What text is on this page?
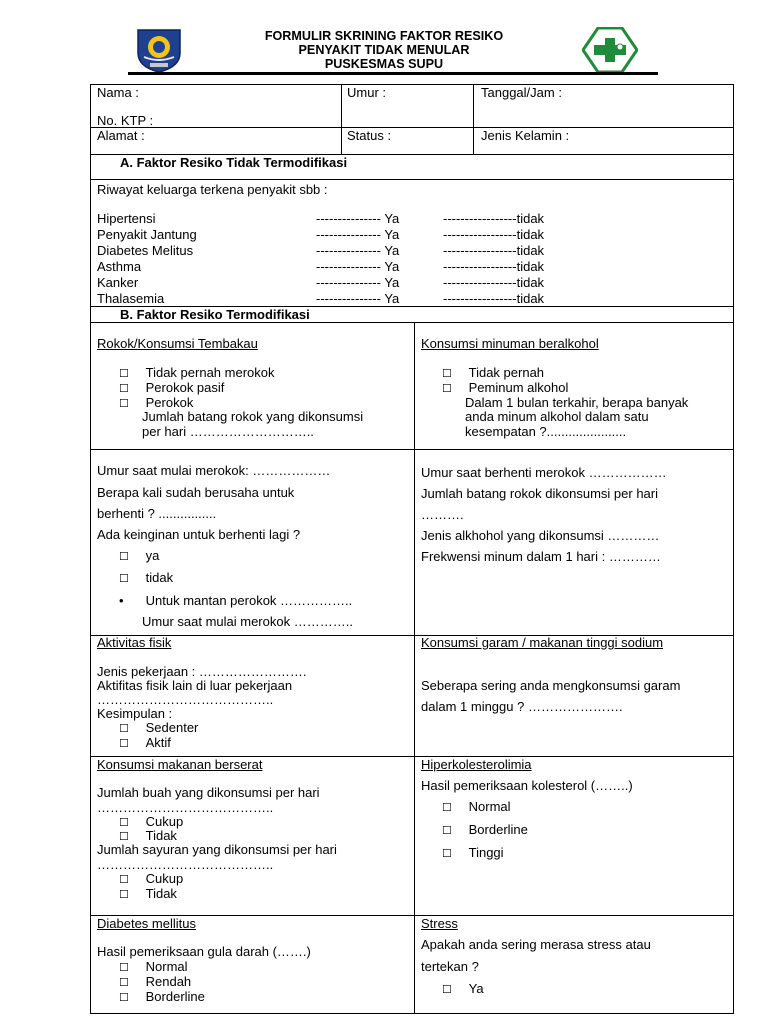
FORMULIR SKRINING FAKTOR RESIKO
PENYAKIT TIDAK MENULAR
PUSKESMAS SUPU
Nama :
No. KTP :
Umur :	Tanggal/Jam :
Alamat :	Status :	Jenis Kelamin :
A. Faktor Resiko Tidak Termodifikasi
Riwayat keluarga terkena penyakit sbb :
Hipertensi	--------------- Ya	-----------------tidak
Penyakit Jantung	--------------- Ya	-----------------tidak
Diabetes Melitus	--------------- Ya	-----------------tidak
Asthma	--------------- Ya	-----------------tidak
Kanker	--------------- Ya	-----------------tidak
Thalasemia	--------------- Ya	-----------------tidak
B. Faktor Resiko Termodifikasi
Rokok/Konsumsi Tembakau
☐ Tidak pernah merokok
☐ Perokok pasif
☐ Perokok
Jumlah batang rokok yang dikonsumsi
per hari ………………………..
Konsumsi minuman beralkohol
☐ Tidak pernah
☐ Peminum alkohol
Dalam 1 bulan terkahir, berapa banyak
anda minum alkohol dalam satu
kesempatan ?......................
Umur saat mulai merokok: ………………
Berapa kali sudah berusaha untuk
berhenti ? ................
Ada keinginan untuk berhenti lagi ?
☐ ya
☐ tidak
• Untuk mantan perokok ……………..
Umur saat mulai merokok …………..
Umur saat berhenti merokok ………………
Jumlah batang rokok dikonsumsi per hari
……….
Jenis alkhohol yang dikonsumsi …………
Frekwensi minum dalam 1 hari : …………
Aktivitas fisik
Jenis pekerjaan : …………………….
Aktifitas fisik lain di luar pekerjaan
…………………………………..
Kesimpulan :
☐ Sedenter
☐ Aktif
Konsumsi garam / makanan tinggi sodium
Seberapa sering anda mengkonsumsi garam
dalam 1 minggu ? ………………….
Konsumsi makanan berserat
Jumlah buah yang dikonsumsi per hari
…………………………………..
☐ Cukup
☐ Tidak
Jumlah sayuran yang dikonsumsi per hari
…………………………………..
☐ Cukup
☐ Tidak
Hiperkolesterolimia
Hasil pemeriksaan kolesterol (……..)
☐ Normal
☐ Borderline
☐ Tinggi
Diabetes mellitus
Hasil pemeriksaan gula darah (…….)
☐ Normal
☐ Rendah
☐ Borderline
Stress
Apakah anda sering merasa stress atau
tertekan ?
☐ Ya
